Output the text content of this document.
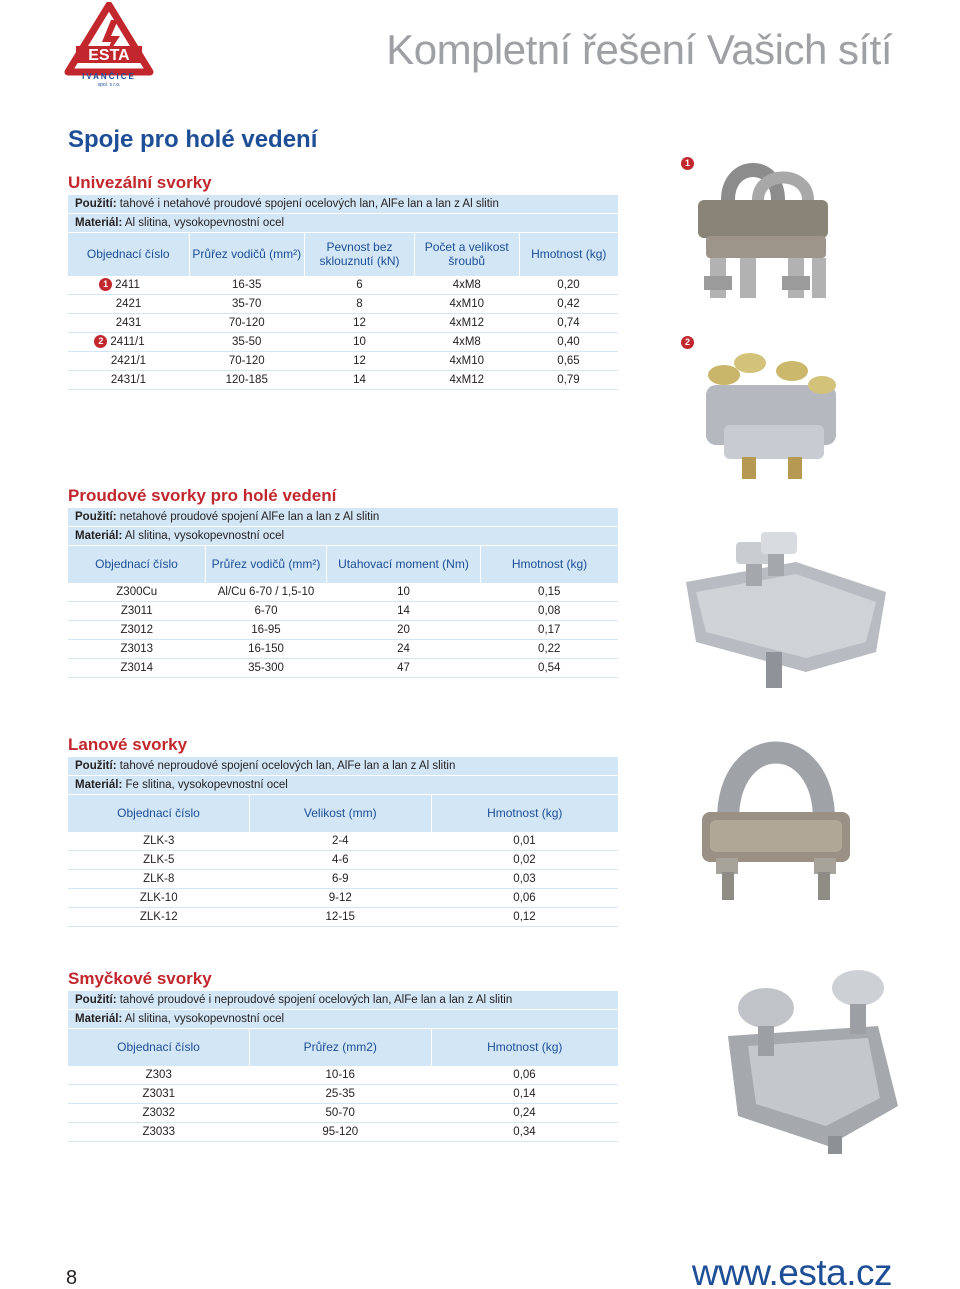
ESTA
IVANČICE
spol. s r.o.
Kompletní řešení Vašich sítí
Spoje pro holé vedení
Univezální svorky
Použití: tahové i netahové proudové spojení ocelových lan, AlFe lan a lan z Al slitin
Materiál: Al slitina, vysokopevnostní ocel
Objednací číslo	Průřez vodičů (mm²)	Pevnost bez sklouznutí (kN)	Počet a velikost šroubů	Hmotnost (kg)
1 2411	16-35	6	4xM8	0,20
2421	35-70	8	4xM10	0,42
2431	70-120	12	4xM12	0,74
2 2411/1	35-50	10	4xM8	0,40
2421/1	70-120	12	4xM10	0,65
2431/1	120-185	14	4xM12	0,79
Proudové svorky pro holé vedení
Použití: netahové proudové spojení AlFe lan a lan z Al slitin
Materiál: Al slitina, vysokopevnostní ocel
Objednací číslo	Průřez vodičů (mm²)	Utahovací moment (Nm)	Hmotnost (kg)
Z300Cu	Al/Cu 6-70 / 1,5-10	10	0,15
Z3011	6-70	14	0,08
Z3012	16-95	20	0,17
Z3013	16-150	24	0,22
Z3014	35-300	47	0,54
Lanové svorky
Použití: tahové neproudové spojení ocelových lan, AlFe lan a lan z Al slitin
Materiál: Fe slitina, vysokopevnostní ocel
Objednací číslo	Velikost (mm)	Hmotnost (kg)
ZLK-3	2-4	0,01
ZLK-5	4-6	0,02
ZLK-8	6-9	0,03
ZLK-10	9-12	0,06
ZLK-12	12-15	0,12
Smyčkové svorky
Použití: tahové proudové i neproudové spojení ocelových lan, AlFe lan a lan z Al slitin
Materiál: Al slitina, vysokopevnostní ocel
Objednací číslo	Průřez (mm2)	Hmotnost (kg)
Z303	10-16	0,06
Z3031	25-35	0,14
Z3032	50-70	0,24
Z3033	95-120	0,34
1
2
8	www.esta.cz
